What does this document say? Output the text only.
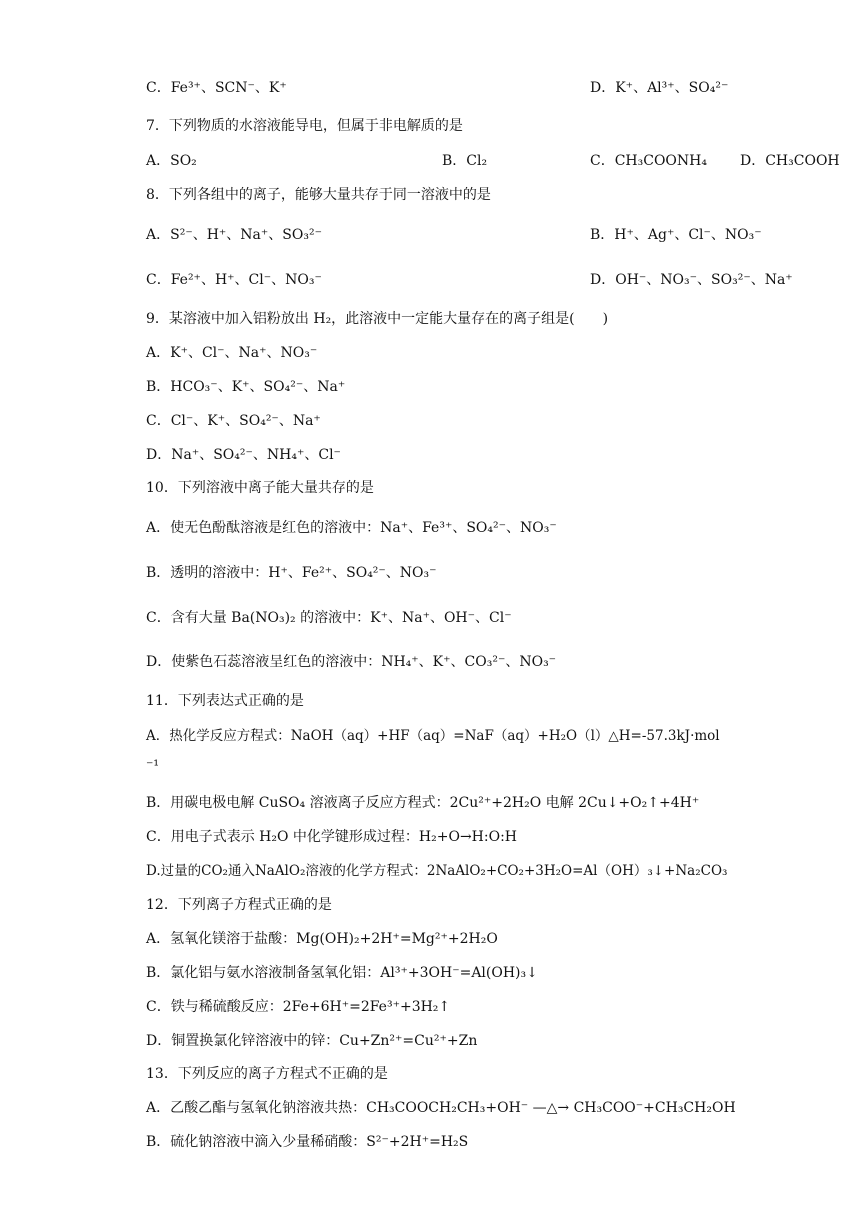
C．Fe³⁺、SCN⁻、K⁺	D．K⁺、Al³⁺、SO₄²⁻
7．下列物质的水溶液能导电，但属于非电解质的是
A．SO₂	B．Cl₂	C．CH₃COONH₄ D．CH₃COOH
8．下列各组中的离子，能够大量共存于同一溶液中的是
A．S²⁻、H⁺、Na⁺、SO₃²⁻	B．H⁺、Ag⁺、Cl⁻、NO₃⁻
C．Fe²⁺、H⁺、Cl⁻、NO₃⁻	D．OH⁻、NO₃⁻、SO₃²⁻、Na⁺
9．某溶液中加入铝粉放出 H₂，此溶液中一定能大量存在的离子组是(　　)
A．K⁺、Cl⁻、Na⁺、NO₃⁻
B．HCO₃⁻、K⁺、SO₄²⁻、Na⁺
C．Cl⁻、K⁺、SO₄²⁻、Na⁺
D．Na⁺、SO₄²⁻、NH₄⁺、Cl⁻
10．下列溶液中离子能大量共存的是
A．使无色酚酞溶液是红色的溶液中：Na⁺、Fe³⁺、SO₄²⁻、NO₃⁻
B．透明的溶液中：H⁺、Fe²⁺、SO₄²⁻、NO₃⁻
C．含有大量 Ba(NO₃)₂ 的溶液中：K⁺、Na⁺、OH⁻、Cl⁻
D．使紫色石蕊溶液呈红色的溶液中：NH₄⁺、K⁺、CO₃²⁻、NO₃⁻
11．下列表达式正确的是
A．热化学反应方程式：NaOH（aq）+HF（aq）=NaF（aq）+H₂O（l）△H=-57.3kJ·mol
⁻¹
B．用碳电极电解 CuSO₄ 溶液离子反应方程式：2Cu²⁺+2H₂O 电解 2Cu↓+O₂↑+4H⁺
C．用电子式表示 H₂O 中化学键形成过程：H₂+O→H:O:H
D.过量的CO₂通入NaAlO₂溶液的化学方程式：2NaAlO₂+CO₂+3H₂O=Al（OH）₃↓+Na₂CO₃
12．下列离子方程式正确的是
A．氢氧化镁溶于盐酸：Mg(OH)₂+2H⁺=Mg²⁺+2H₂O
B．氯化铝与氨水溶液制备氢氧化铝：Al³⁺+3OH⁻=Al(OH)₃↓
C．铁与稀硫酸反应：2Fe+6H⁺=2Fe³⁺+3H₂↑
D．铜置换氯化锌溶液中的锌：Cu+Zn²⁺=Cu²⁺+Zn
13．下列反应的离子方程式不正确的是
A．乙酸乙酯与氢氧化钠溶液共热：CH₃COOCH₂CH₃+OH⁻ —△→ CH₃COO⁻+CH₃CH₂OH
B．硫化钠溶液中滴入少量稀硝酸：S²⁻+2H⁺=H₂S
